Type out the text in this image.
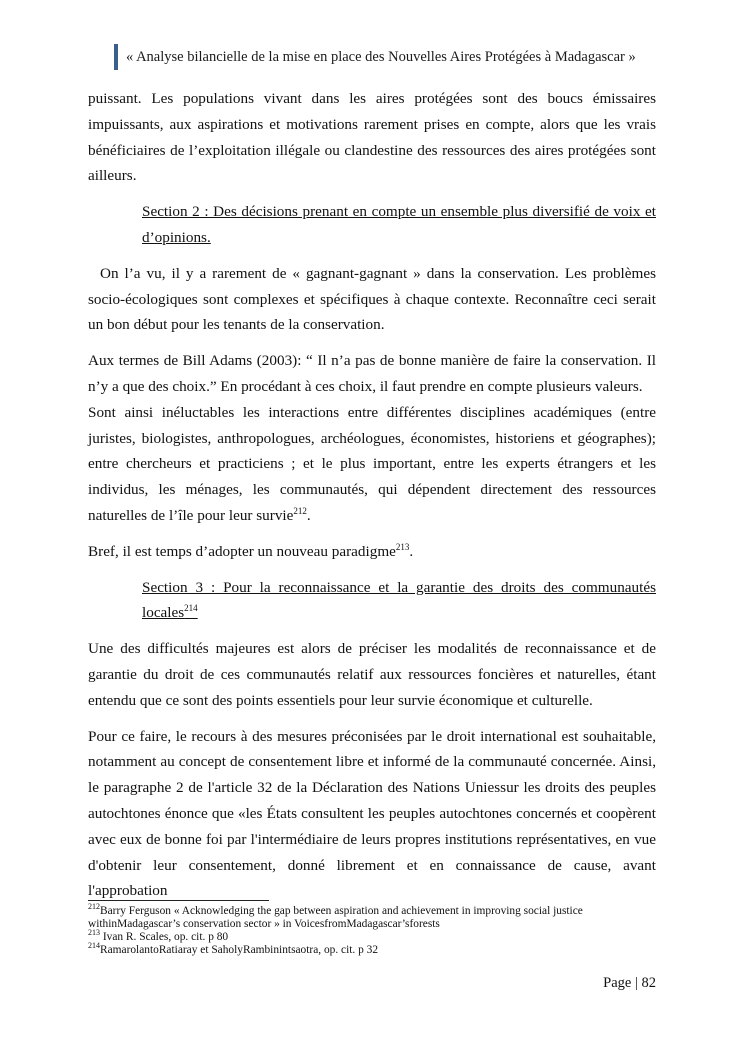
« Analyse bilancielle de la mise en place des Nouvelles Aires Protégées à Madagascar »

puissant. Les populations vivant dans les aires protégées sont des boucs émissaires impuissants, aux aspirations et motivations rarement prises en compte, alors que les vrais bénéficiaires de l’exploitation illégale ou clandestine des ressources des aires protégées sont ailleurs.

Section 2 : Des décisions prenant en compte un ensemble plus diversifié de voix et d’opinions.

On l’a vu, il y a rarement de « gagnant-gagnant » dans la conservation. Les problèmes socio-écologiques sont complexes et spécifiques à chaque contexte. Reconnaître ceci serait un bon début pour les tenants de la conservation.

Aux termes de Bill Adams (2003): “ Il n’a pas de bonne manière de faire la conservation. Il n’y a que des choix.” En procédant à ces choix, il faut prendre en compte plusieurs valeurs.

Sont ainsi inéluctables les interactions entre différentes disciplines académiques (entre juristes, biologistes, anthropologues, archéologues, économistes, historiens et géographes); entre chercheurs et practiciens ; et le plus important, entre les experts étrangers et les individus, les ménages, les communautés, qui dépendent directement des ressources naturelles de l’île pour leur survie$^{212}$.

Bref, il est temps d’adopter un nouveau paradigme$^{213}$.

Section 3 : Pour la reconnaissance et la garantie des droits des communautés locales$^{214}$

Une des difficultés majeures est alors de préciser les modalités de reconnaissance et de garantie du droit de ces communautés relatif aux ressources foncières et naturelles, étant entendu que ce sont des points essentiels pour leur survie économique et culturelle.

Pour ce faire, le recours à des mesures préconisées par le droit international est souhaitable, notamment au concept de consentement libre et informé de la communauté concernée. Ainsi, le paragraphe 2 de l'article 32 de la Déclaration des Nations Uniessur les droits des peuples autochtones énonce que «les États consultent les peuples autochtones concernés et coopèrent avec eux de bonne foi par l'intermédiaire de leurs propres institutions représentatives, en vue d'obtenir leur consentement, donné librement et en connaissance de cause, avant l'approbation

$^{212}$Barry Ferguson « Acknowledging the gap between aspiration and achievement in improving social justice withinMadagascar’s conservation sector » in VoicesfromMadagascar’sforests
$^{213}$ Ivan R. Scales, op. cit. p 80
$^{214}$RamarolantoRatiaray et SaholyRambinintsaotra, op. cit. p 32
Page | 82
